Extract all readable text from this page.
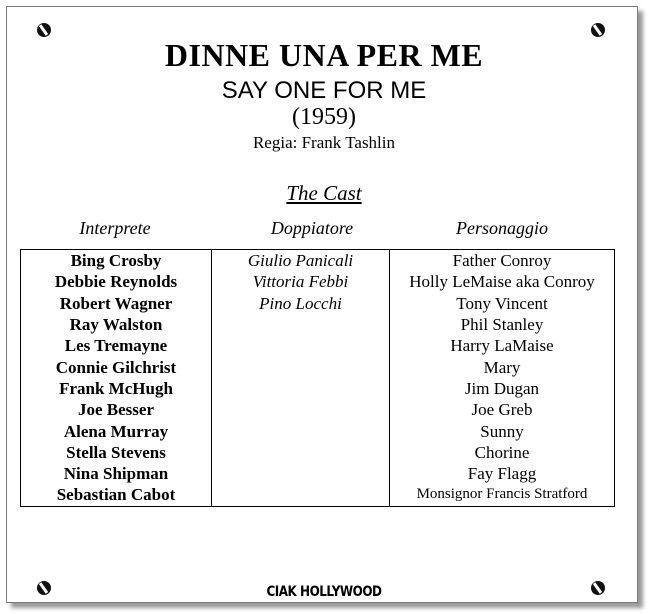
DINNE UNA PER ME
SAY ONE FOR ME
(1959)
Regia: Frank Tashlin
The Cast
Interprete	Doppiatore	Personaggio
Bing Crosby	Giulio Panicali	Father Conroy
Debbie Reynolds	Vittoria Febbi	Holly LeMaise aka Conroy
Robert Wagner	Pino Locchi	Tony Vincent
Ray Walston		Phil Stanley
Les Tremayne		Harry LaMaise
Connie Gilchrist		Mary
Frank McHugh		Jim Dugan
Joe Besser		Joe Greb
Alena Murray		Sunny
Stella Stevens		Chorine
Nina Shipman		Fay Flagg
Sebastian Cabot		Monsignor Francis Stratford
CIAK HOLLYWOOD
